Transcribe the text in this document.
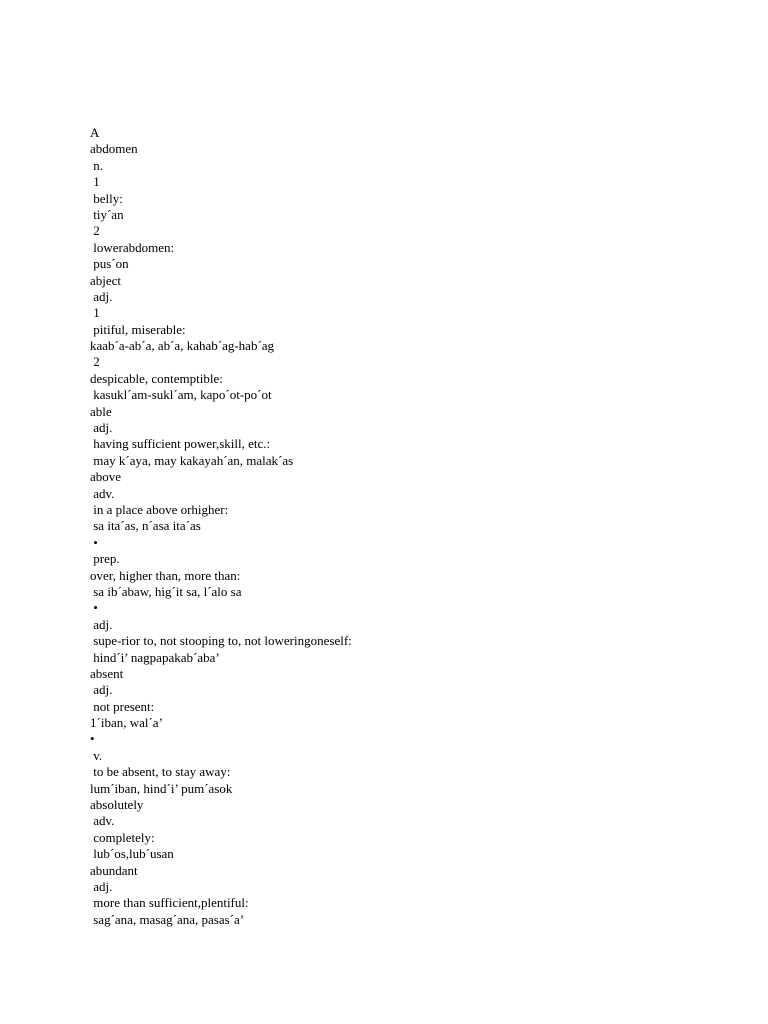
A
abdomen
n.
1
belly:
tiy´an
2
lowerabdomen:
pus´on
abject
adj.
1
pitiful, miserable:
kaab´a-ab´a, ab´a, kahab´ag-hab´ag
2
despicable, contemptible:
kasukl´am-sukl´am, kapo´ot-po´ot
able
adj.
having sufficient power,skill, etc.:
may k´aya, may kakayah´an, malak´as
above
adv.
in a place above orhigher:
sa ita´as, n´asa ita´as
•
prep.
over, higher than, more than:
sa ib´abaw, hig´it sa, l´alo sa
•
adj.
supe-rior to, not stooping to, not loweringoneself:
hind´i’ nagpapakab´aba’
absent
adj.
not present:
1´iban, wal´a’
•
v.
to be absent, to stay away:
lum´iban, hind´i’ pum´asok
absolutely
adv.
completely:
lub´os,lub´usan
abundant
adj.
more than sufficient,plentiful:
sag´ana, masag´ana, pasas´a’
